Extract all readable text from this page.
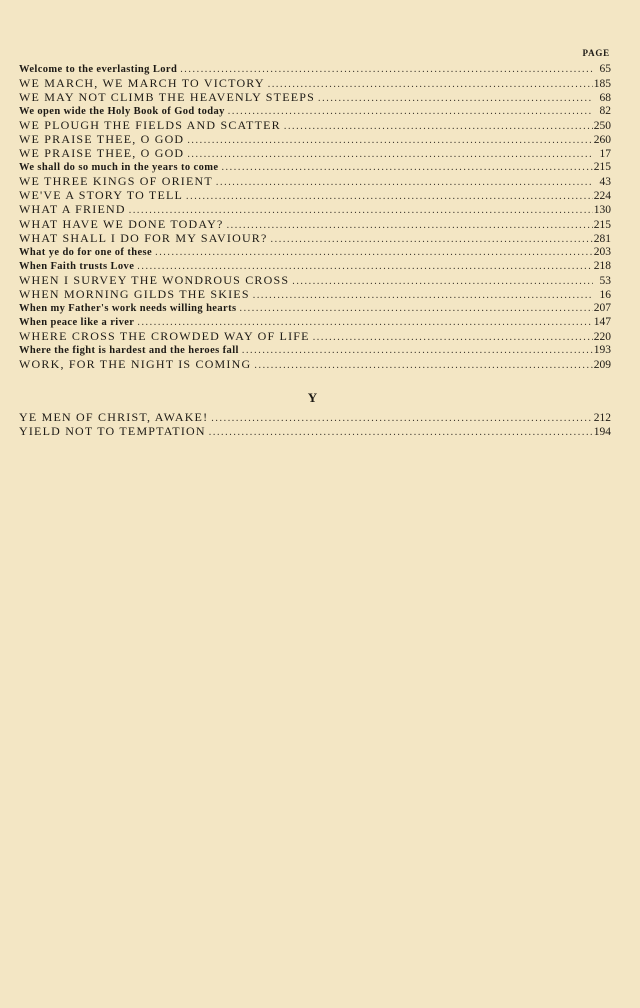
PAGE
Welcome to the everlasting Lord .....	65
WE MARCH, WE MARCH TO VICTORY .....	185
WE MAY NOT CLIMB THE HEAVENLY STEEPS .....	68
We open wide the Holy Book of God today .....	82
WE PLOUGH THE FIELDS AND SCATTER .....	250
WE PRAISE THEE, O GOD .....	260
WE PRAISE THEE, O GOD .....	17
We shall do so much in the years to come .....	215
WE THREE KINGS OF ORIENT .....	43
WE'VE A STORY TO TELL .....	224
WHAT A FRIEND .....	130
WHAT HAVE WE DONE TODAY? .....	215
WHAT SHALL I DO FOR MY SAVIOUR? .....	281
What ye do for one of these .....	203
When Faith trusts Love .....	218
WHEN I SURVEY THE WONDROUS CROSS .....	53
WHEN MORNING GILDS THE SKIES .....	16
When my Father's work needs willing hearts .....	207
When peace like a river .....	147
WHERE CROSS THE CROWDED WAY OF LIFE .....	220
Where the fight is hardest and the heroes fall .....	193
WORK, FOR THE NIGHT IS COMING .....	209
Y
YE MEN OF CHRIST, AWAKE! .....	212
YIELD NOT TO TEMPTATION .....	194
